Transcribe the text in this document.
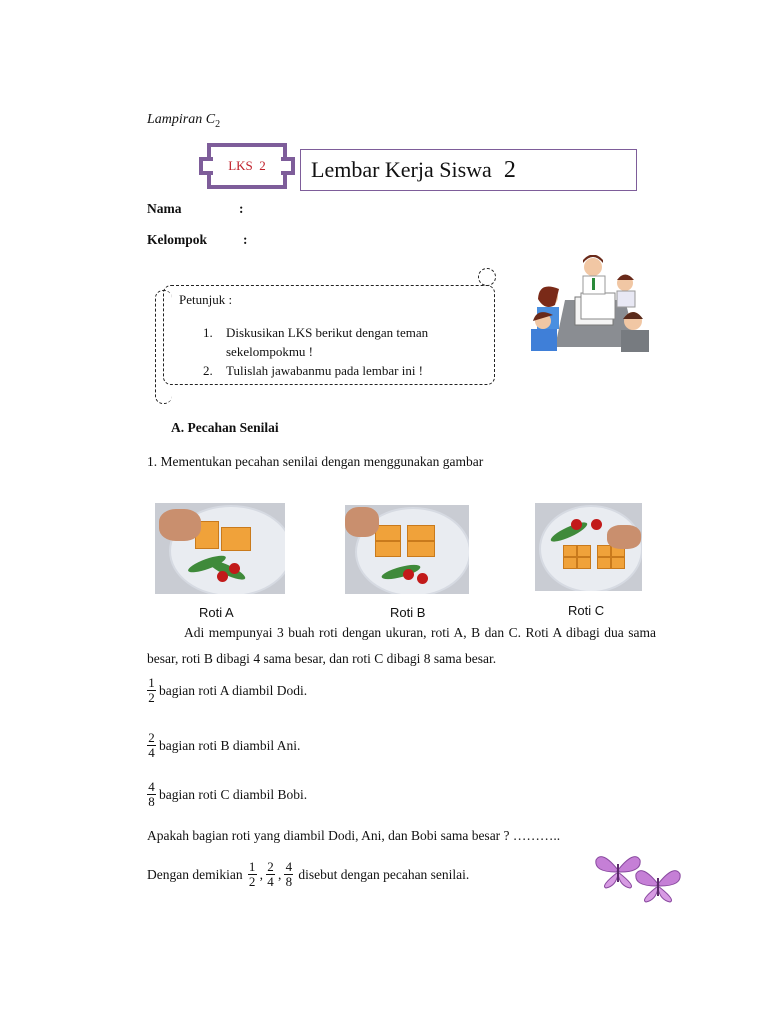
Lampiran $C_2$
LKS  2 Lembar Kerja Siswa 2
Nama	:
Kelompok	:
Petunjuk :
1.	Diskusikan LKS berikut dengan teman sekelompokmu !
2.	Tulislah jawabanmu pada lembar ini !
A. Pecahan Senilai
1. Mementukan pecahan senilai dengan menggunakan gambar
Roti A	Roti B	Roti C
Adi mempunyai 3 buah roti dengan ukuran, roti A, B dan C. Roti A dibagi dua sama besar, roti B dibagi 4 sama besar, dan roti C dibagi 8 sama besar.
$\frac{1}{2}$ bagian roti A diambil Dodi.
$\frac{2}{4}$ bagian roti B diambil Ani.
$\frac{4}{8}$ bagian roti C diambil Bobi.
Apakah bagian roti yang diambil Dodi, Ani, dan Bobi sama besar ? ………..
Dengan demikian $\frac{1}{2}$ , $\frac{2}{4}$ , $\frac{4}{8}$ disebut dengan pecahan senilai.
